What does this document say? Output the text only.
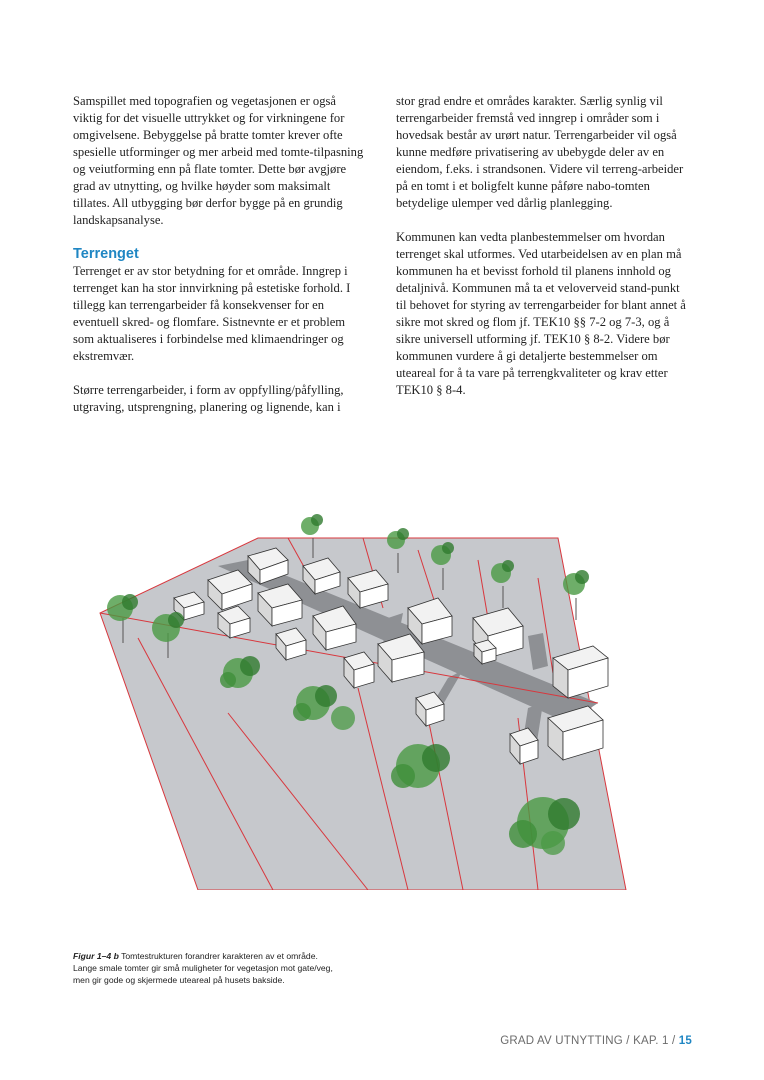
Samspillet med topografien og vegetasjonen er også viktig for det visuelle uttrykket og for virkningene for omgivelsene. Bebyggelse på bratte tomter krever ofte spesielle utforminger og mer arbeid med tomte-tilpasning og veiutforming enn på flate tomter. Dette bør avgjøre grad av utnytting, og hvilke høyder som maksimalt tillates. All utbygging bør derfor bygge på en grundig landskapsanalyse.

Terrenget

Terrenget er av stor betydning for et område. Inngrep i terrenget kan ha stor innvirkning på estetiske forhold. I tillegg kan terrengarbeider få konsekvenser for en eventuell skred- og flomfare. Sistnevnte er et problem som aktualiseres i forbindelse med klimaendringer og ekstremvær.

Større terrengarbeider, i form av oppfylling/påfylling, utgraving, utsprengning, planering og lignende, kan i

stor grad endre et områdes karakter. Særlig synlig vil terrengarbeider fremstå ved inngrep i områder som i hovedsak består av urørt natur. Terrengarbeider vil også kunne medføre privatisering av ubebygde deler av en eiendom, f.eks. i strandsonen. Videre vil terreng-arbeider på en tomt i et boligfelt kunne påføre nabo-tomten betydelige ulemper ved dårlig planlegging.

Kommunen kan vedta planbestemmelser om hvordan terrenget skal utformes. Ved utarbeidelsen av en plan må kommunen ha et bevisst forhold til planens innhold og detaljnivå. Kommunen må ta et veloverveid stand-punkt til behovet for styring av terrengarbeider for blant annet å sikre mot skred og flom jf. TEK10 §§ 7-2 og 7-3, og å sikre universell utforming jf. TEK10 § 8-2. Videre bør kommunen vurdere å gi detaljerte bestemmelser om uteareal for å ta vare på terrengkvaliteter og krav etter TEK10 § 8-4.

Figur 1–4 b Tomtestrukturen forandrer karakteren av et område.
Lange smale tomter gir små muligheter for vegetasjon mot gate/veg,
men gir gode og skjermede uteareal på husets bakside.
GRAD AV UTNYTTING / KAP. 1 / 15
